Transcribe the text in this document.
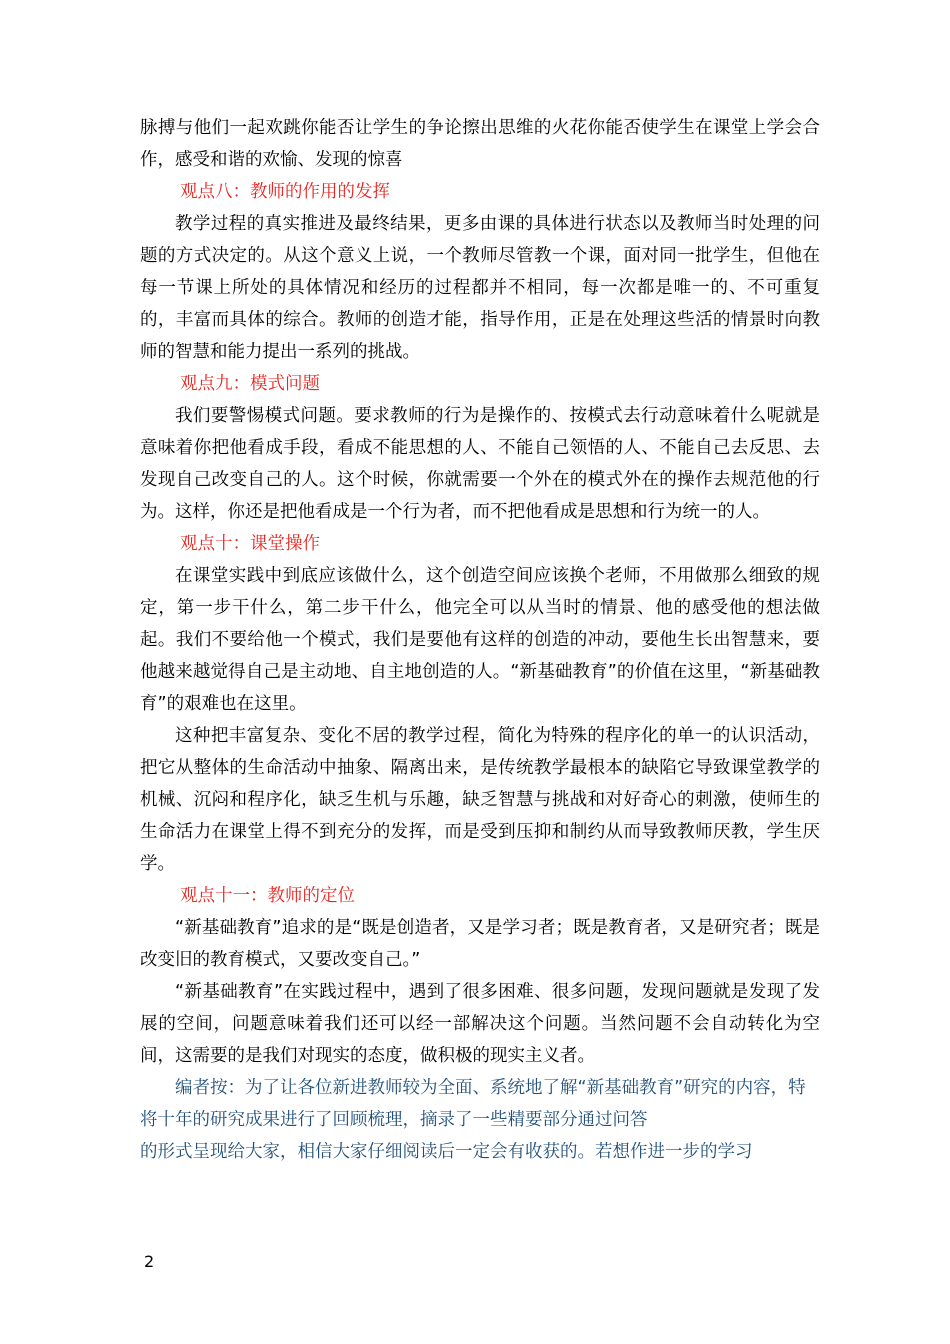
脉搏与他们一起欢跳你能否让学生的争论擦出思维的火花你能否使学生在课堂上学会合作，感受和谐的欢愉、发现的惊喜

观点八：教师的作用的发挥

教学过程的真实推进及最终结果，更多由课的具体进行状态以及教师当时处理的问题的方式决定的。从这个意义上说，一个教师尽管教一个课，面对同一批学生，但他在每一节课上所处的具体情况和经历的过程都并不相同，每一次都是唯一的、不可重复的，丰富而具体的综合。教师的创造才能，指导作用，正是在处理这些活的情景时向教师的智慧和能力提出一系列的挑战。

观点九：模式问题

我们要警惕模式问题。要求教师的行为是操作的、按模式去行动意味着什么呢就是意味着你把他看成手段，看成不能思想的人、不能自己领悟的人、不能自己去反思、去发现自己改变自己的人。这个时候，你就需要一个外在的模式外在的操作去规范他的行为。这样，你还是把他看成是一个行为者，而不把他看成是思想和行为统一的人。

观点十：课堂操作

在课堂实践中到底应该做什么，这个创造空间应该换个老师，不用做那么细致的规定，第一步干什么，第二步干什么，他完全可以从当时的情景、他的感受他的想法做起。我们不要给他一个模式，我们是要他有这样的创造的冲动，要他生长出智慧来，要他越来越觉得自己是主动地、自主地创造的人。“新基础教育”的价值在这里，“新基础教育”的艰难也在这里。

这种把丰富复杂、变化不居的教学过程，简化为特殊的程序化的单一的认识活动，把它从整体的生命活动中抽象、隔离出来，是传统教学最根本的缺陷它导致课堂教学的机械、沉闷和程序化，缺乏生机与乐趣，缺乏智慧与挑战和对好奇心的刺激，使师生的生命活力在课堂上得不到充分的发挥，而是受到压抑和制约从而导致教师厌教，学生厌学。

观点十一：教师的定位

“新基础教育”追求的是“既是创造者，又是学习者；既是教育者，又是研究者；既是改变旧的教育模式，又要改变自己。”

“新基础教育”在实践过程中，遇到了很多困难、很多问题，发现问题就是发现了发展的空间，问题意味着我们还可以经一部解决这个问题。当然问题不会自动转化为空间，这需要的是我们对现实的态度，做积极的现实主义者。

编者按：为了让各位新进教师较为全面、系统地了解“新基础教育”研究的内容，特将十年的研究成果进行了回顾梳理，摘录了一些精要部分通过问答

的形式呈现给大家，相信大家仔细阅读后一定会有收获的。若想作进一步的学习

2
